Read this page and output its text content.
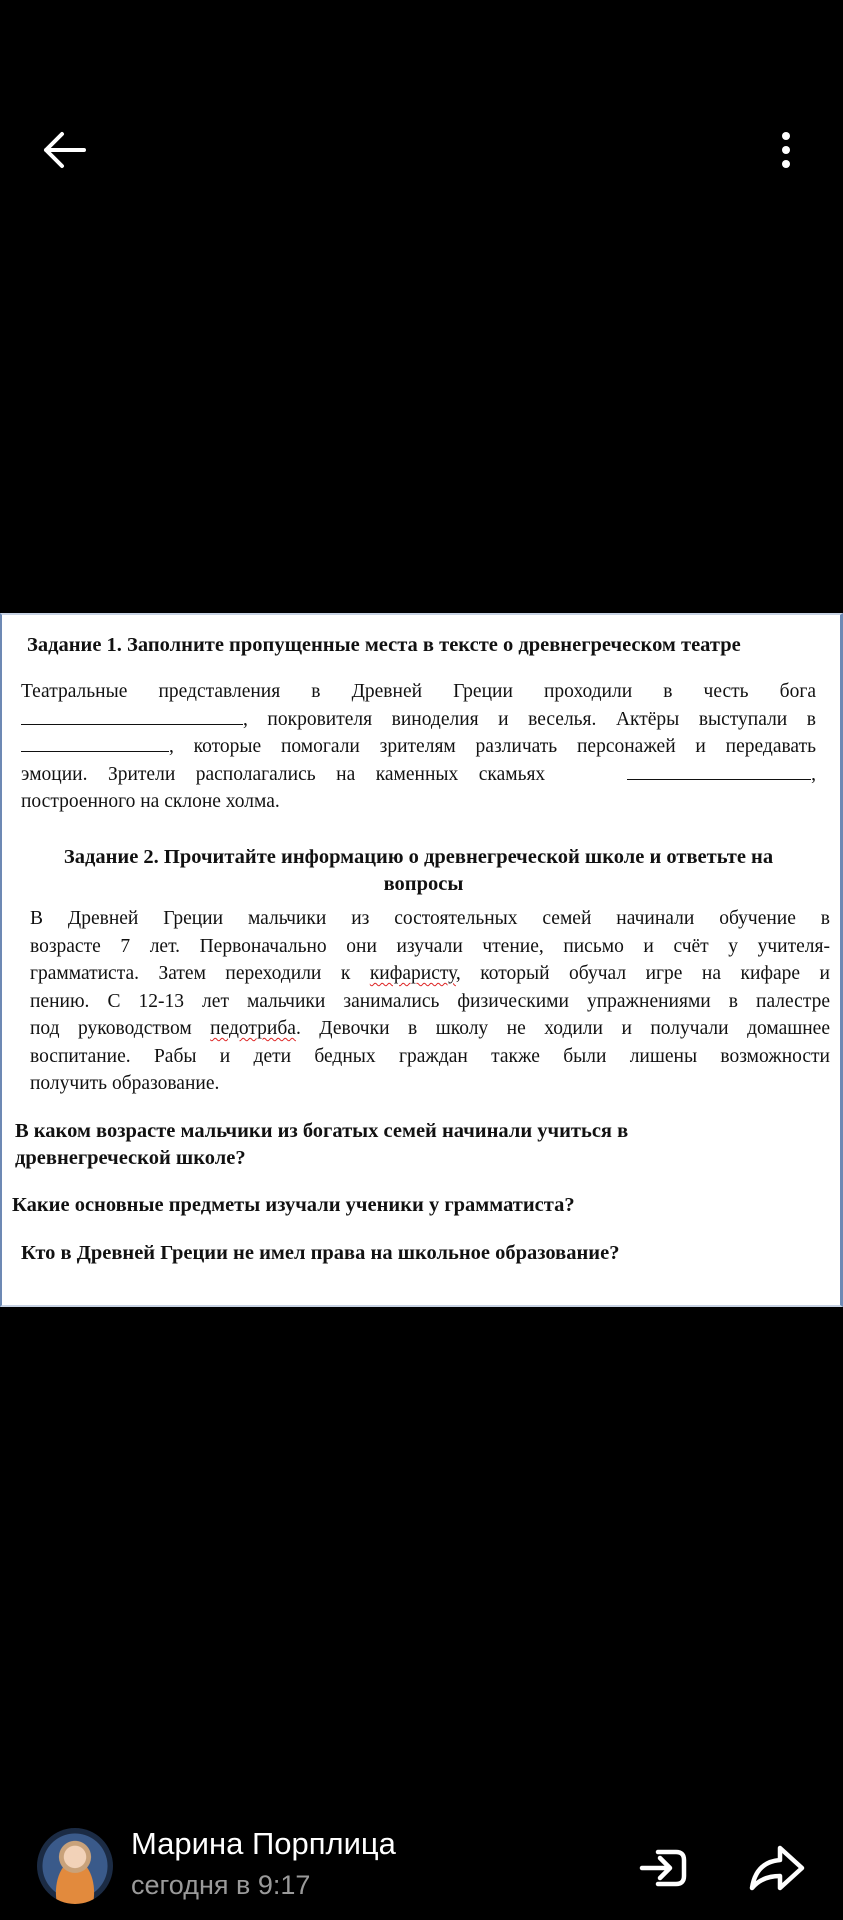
Задание 1. Заполните пропущенные места в тексте о древнегреческом театре
Театральные представления в Древней Греции проходили в честь бога
, покровителя виноделия и веселья. Актёры выступали в
, которые помогали зрителям различать персонажей и передавать
эмоции. Зрители располагались на каменных скамьях	,
построенного на склоне холма.
Задание 2. Прочитайте информацию о древнегреческой школе и ответьте на
вопросы
В Древней Греции мальчики из состоятельных семей начинали обучение в
возрасте 7 лет. Первоначально они изучали чтение, письмо и счёт у учителя-
грамматиста. Затем переходили к кифаристу, который обучал игре на кифаре и
пению. С 12-13 лет мальчики занимались физическими упражнениями в палестре
под руководством педотриба. Девочки в школу не ходили и получали домашнее
воспитание. Рабы и дети бедных граждан также были лишены возможности
получить образование.
В каком возрасте мальчики из богатых семей начинали учиться в
древнегреческой школе?
Какие основные предметы изучали ученики у грамматиста?
Кто в Древней Греции не имел права на школьное образование?
Марина Порплица
сегодня в 9:17
